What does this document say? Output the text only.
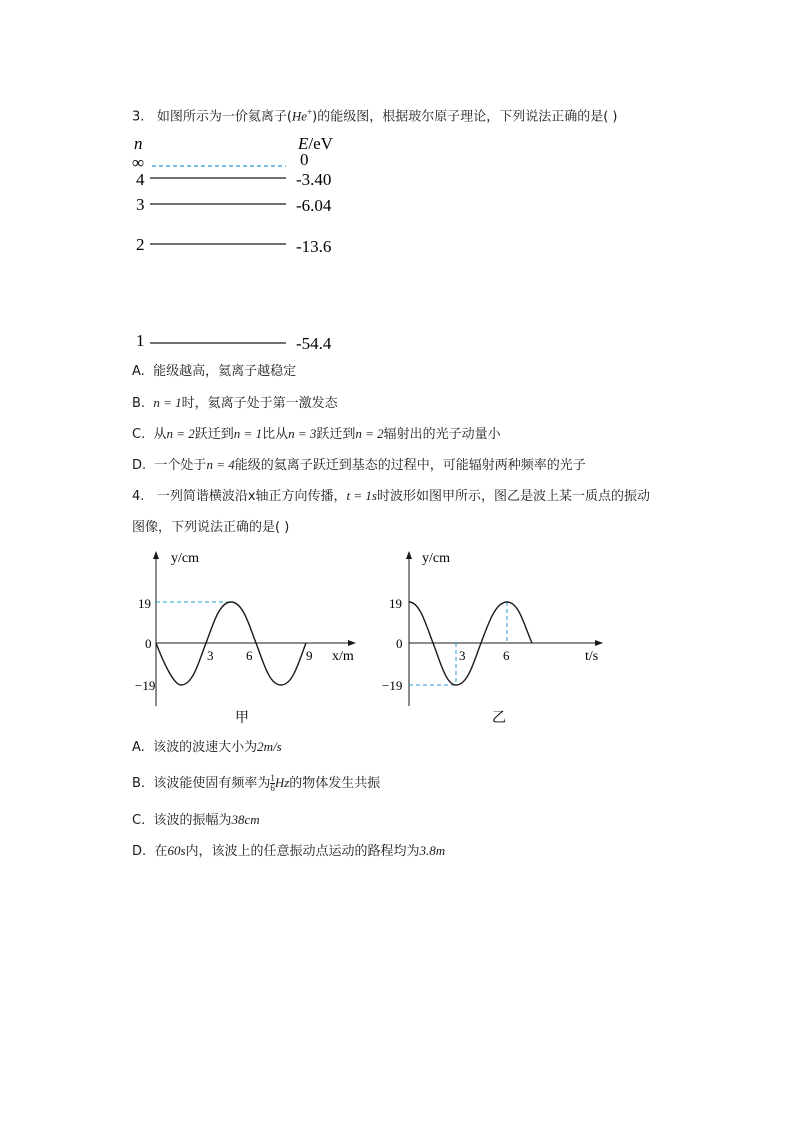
3. 如图所示为一价氦离子(He+)的能级图，根据玻尔原子理论，下列说法正确的是( )
n	E/eV
∞	0
4	-3.40
3	-6.04
2	-13.6
1	-54.4
A. 能级越高，氦离子越稳定
B. n = 1时，氦离子处于第一激发态
C. 从n = 2跃迁到n = 1比从n = 3跃迁到n = 2辐射出的光子动量小
D. 一个处于n = 4能级的氦离子跃迁到基态的过程中，可能辐射两种频率的光子
4. 一列简谐横波沿x轴正方向传播，t = 1s时波形如图甲所示，图乙是波上某一质点的振动
图像，下列说法正确的是( )
y/cm
x/m
19
0
−19
3	6	9
甲
y/cm
t/s
19
0
−19
3	6
乙
A. 该波的波速大小为2m/s
B. 该波能使固有频率为 $\frac{1}{6}$ Hz的物体发生共振
C. 该波的振幅为38cm
D. 在60s内，该波上的任意振动点运动的路程均为3.8m
